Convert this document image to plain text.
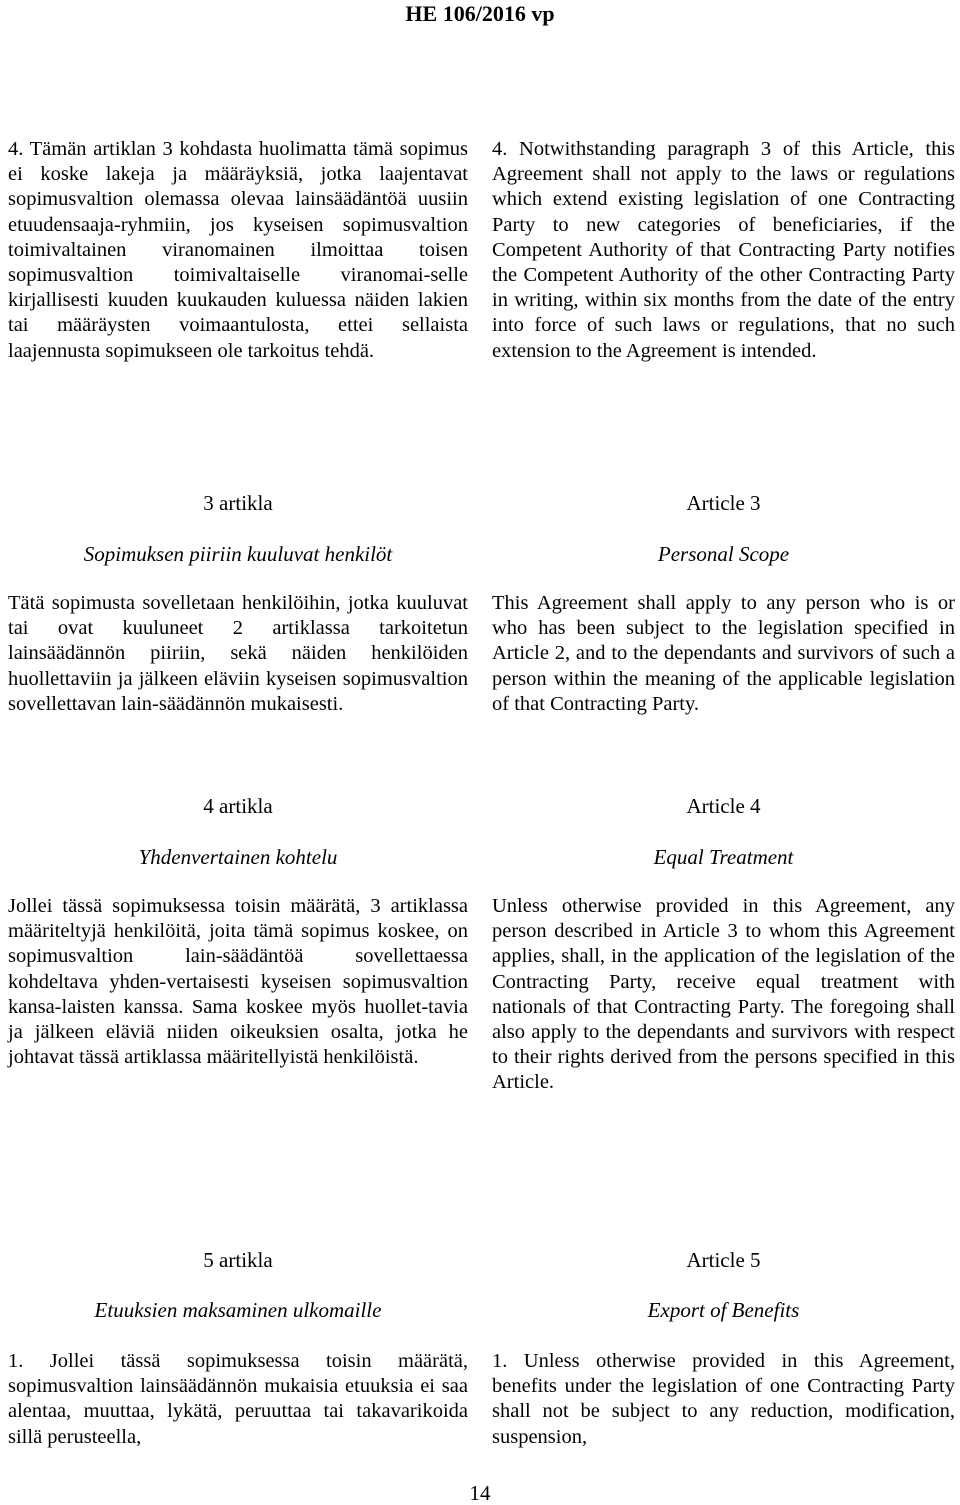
HE 106/2016 vp

4. Tämän artiklan 3 kohdasta huolimatta tämä sopimus ei koske lakeja ja määräyksiä, jotka laajentavat sopimusvaltion olemassa olevaa lainsäädäntöä uusiin etuudensaaja-ryhmiin, jos kyseisen sopimusvaltion toimivaltainen viranomainen ilmoittaa toisen sopimusvaltion toimivaltaiselle viranomai-selle kirjallisesti kuuden kuukauden kuluessa näiden lakien tai määräysten voimaantulosta, ettei sellaista laajennusta sopimukseen ole tarkoitus tehdä.

4. Notwithstanding paragraph 3 of this Article, this Agreement shall not apply to the laws or regulations which extend existing legislation of one Contracting Party to new categories of beneficiaries, if the Competent Authority of that Contracting Party notifies the Competent Authority of the other Contracting Party in writing, within six months from the date of the entry into force of such laws or regulations, that no such extension to the Agreement is intended.

3 artikla	Article 3
Sopimuksen piiriin kuuluvat henkilöt	Personal Scope

Tätä sopimusta sovelletaan henkilöihin, jotka kuuluvat tai ovat kuuluneet 2 artiklassa tarkoitetun lainsäädännön piiriin, sekä näiden henkilöiden huollettaviin ja jälkeen eläviin kyseisen sopimusvaltion sovellettavan lain-säädännön mukaisesti.

This Agreement shall apply to any person who is or who has been subject to the legislation specified in Article 2, and to the dependants and survivors of such a person within the meaning of the applicable legislation of that Contracting Party.

4 artikla	Article 4
Yhdenvertainen kohtelu	Equal Treatment

Jollei tässä sopimuksessa toisin määrätä, 3 artiklassa määriteltyjä henkilöitä, joita tämä sopimus koskee, on sopimusvaltion lain-säädäntöä sovellettaessa kohdeltava yhden-vertaisesti kyseisen sopimusvaltion kansa-laisten kanssa. Sama koskee myös huollet-tavia ja jälkeen eläviä niiden oikeuksien osalta, jotka he johtavat tässä artiklassa määritellyistä henkilöistä.

Unless otherwise provided in this Agreement, any person described in Article 3 to whom this Agreement applies, shall, in the application of the legislation of the Contracting Party, receive equal treatment with nationals of that Contracting Party. The foregoing shall also apply to the dependants and survivors with respect to their rights derived from the persons specified in this Article.

5 artikla	Article 5
Etuuksien maksaminen ulkomaille	Export of Benefits

1. Jollei tässä sopimuksessa toisin määrätä, sopimusvaltion lainsäädännön mukaisia etuuksia ei saa alentaa, muuttaa, lykätä, peruuttaa tai takavarikoida sillä perusteella,

1. Unless otherwise provided in this Agreement, benefits under the legislation of one Contracting Party shall not be subject to any reduction, modification, suspension,

14
